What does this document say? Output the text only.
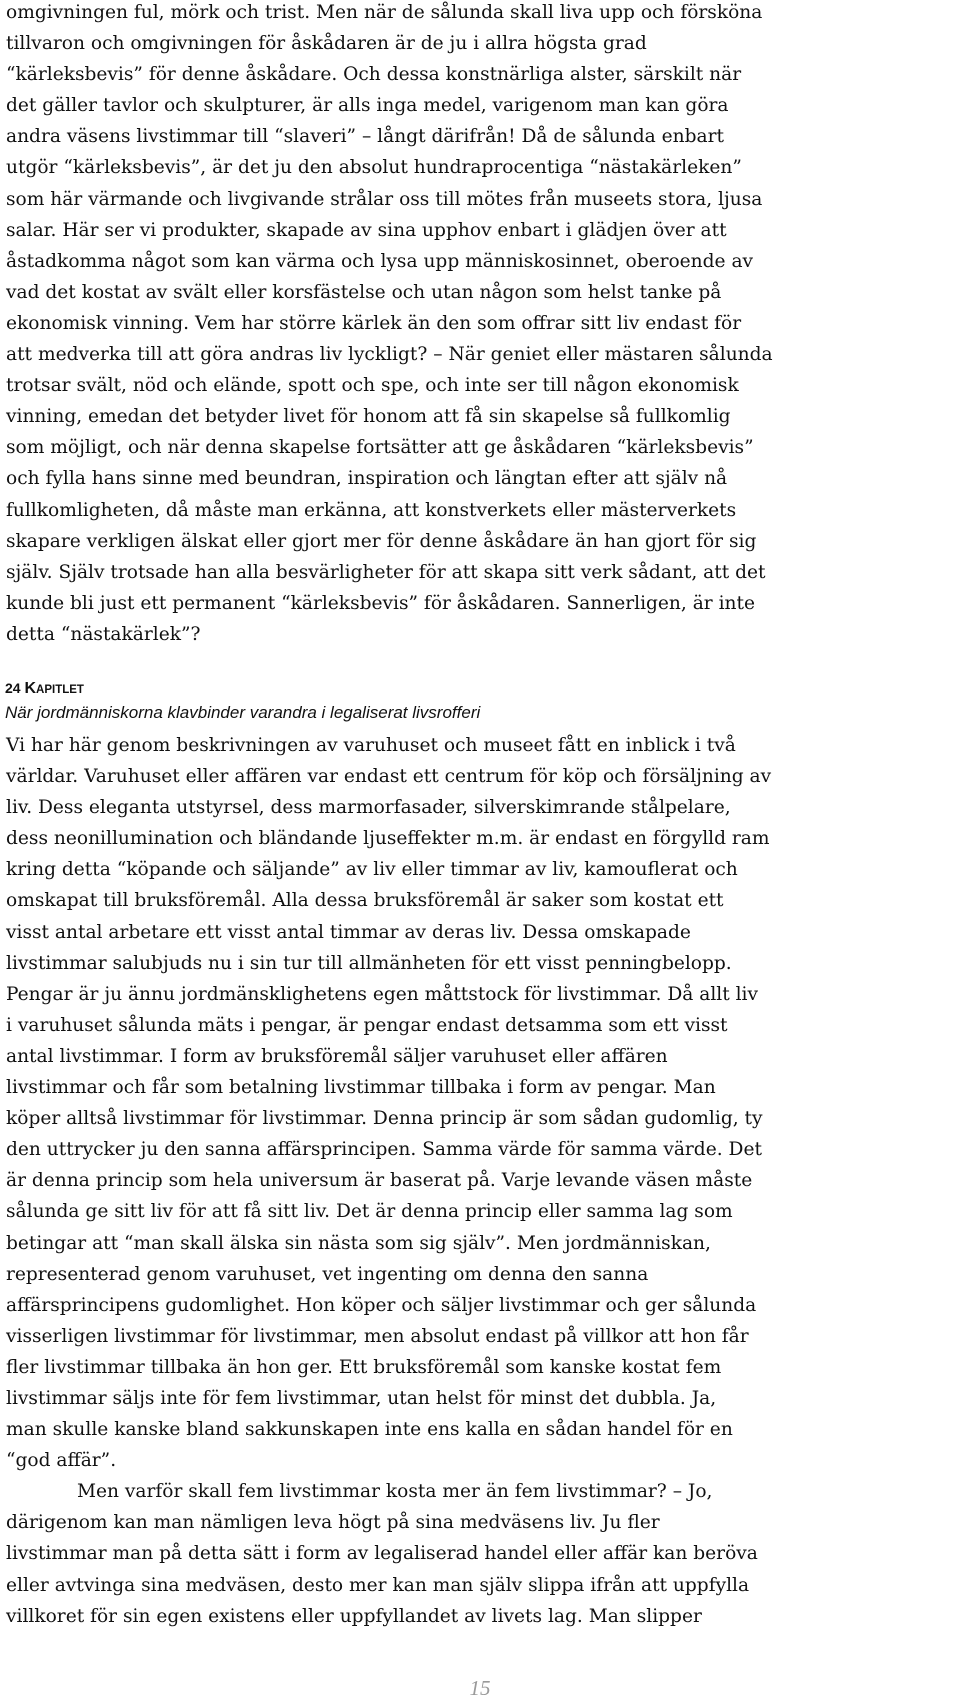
omgivningen ful, mörk och trist. Men när de sålunda skall liva upp och försköna
tillvaron och omgivningen för åskådaren är de ju i allra högsta grad
“kärleksbevis” för denne åskådare. Och dessa konstnärliga alster, särskilt när
det gäller tavlor och skulpturer, är alls inga medel, varigenom man kan göra
andra väsens livstimmar till “slaveri” – långt därifrån! Då de sålunda enbart
utgör “kärleksbevis”, är det ju den absolut hundraprocentiga “nästakärleken”
som här värmande och livgivande strålar oss till mötes från museets stora, ljusa
salar. Här ser vi produkter, skapade av sina upphov enbart i glädjen över att
åstadkomma något som kan värma och lysa upp människosinnet, oberoende av
vad det kostat av svält eller korsfästelse och utan någon som helst tanke på
ekonomisk vinning. Vem har större kärlek än den som offrar sitt liv endast för
att medverka till att göra andras liv lyckligt? – När geniet eller mästaren sålunda
trotsar svält, nöd och elände, spott och spe, och inte ser till någon ekonomisk
vinning, emedan det betyder livet för honom att få sin skapelse så fullkomlig
som möjligt, och när denna skapelse fortsätter att ge åskådaren “kärleksbevis”
och fylla hans sinne med beundran, inspiration och längtan efter att själv nå
fullkomligheten, då måste man erkänna, att konstverkets eller mästerverkets
skapare verkligen älskat eller gjort mer för denne åskådare än han gjort för sig
själv. Själv trotsade han alla besvärligheter för att skapa sitt verk sådant, att det
kunde bli just ett permanent “kärleksbevis” för åskådaren. Sannerligen, är inte
detta “nästakärlek”?
24 KAPITLET
När jordmänniskorna klavbinder varandra i legaliserat livsrofferi
Vi har här genom beskrivningen av varuhuset och museet fått en inblick i två
världar. Varuhuset eller affären var endast ett centrum för köp och försäljning av
liv. Dess eleganta utstyrsel, dess marmorfasader, silverskimrande stålpelare,
dess neonillumination och bländande ljuseffekter m.m. är endast en förgylld ram
kring detta “köpande och säljande” av liv eller timmar av liv, kamouflerat och
omskapat till bruksföremål. Alla dessa bruksföremål är saker som kostat ett
visst antal arbetare ett visst antal timmar av deras liv. Dessa omskapade
livstimmar salubjuds nu i sin tur till allmänheten för ett visst penningbelopp.
Pengar är ju ännu jordmänsklighetens egen måttstock för livstimmar. Då allt liv
i varuhuset sålunda mäts i pengar, är pengar endast detsamma som ett visst
antal livstimmar. I form av bruksföremål säljer varuhuset eller affären
livstimmar och får som betalning livstimmar tillbaka i form av pengar. Man
köper alltså livstimmar för livstimmar. Denna princip är som sådan gudomlig, ty
den uttrycker ju den sanna affärsprincipen. Samma värde för samma värde. Det
är denna princip som hela universum är baserat på. Varje levande väsen måste
sålunda ge sitt liv för att få sitt liv. Det är denna princip eller samma lag som
betingar att “man skall älska sin nästa som sig själv”. Men jordmänniskan,
representerad genom varuhuset, vet ingenting om denna den sanna
affärsprincipens gudomlighet. Hon köper och säljer livstimmar och ger sålunda
visserligen livstimmar för livstimmar, men absolut endast på villkor att hon får
fler livstimmar tillbaka än hon ger. Ett bruksföremål som kanske kostat fem
livstimmar säljs inte för fem livstimmar, utan helst för minst det dubbla. Ja,
man skulle kanske bland sakkunskapen inte ens kalla en sådan handel för en
“god affär”.
Men varför skall fem livstimmar kosta mer än fem livstimmar? – Jo,
därigenom kan man nämligen leva högt på sina medväsens liv. Ju fler
livstimmar man på detta sätt i form av legaliserad handel eller affär kan beröva
eller avtvinga sina medväsen, desto mer kan man själv slippa ifrån att uppfylla
villkoret för sin egen existens eller uppfyllandet av livets lag. Man slipper
15
